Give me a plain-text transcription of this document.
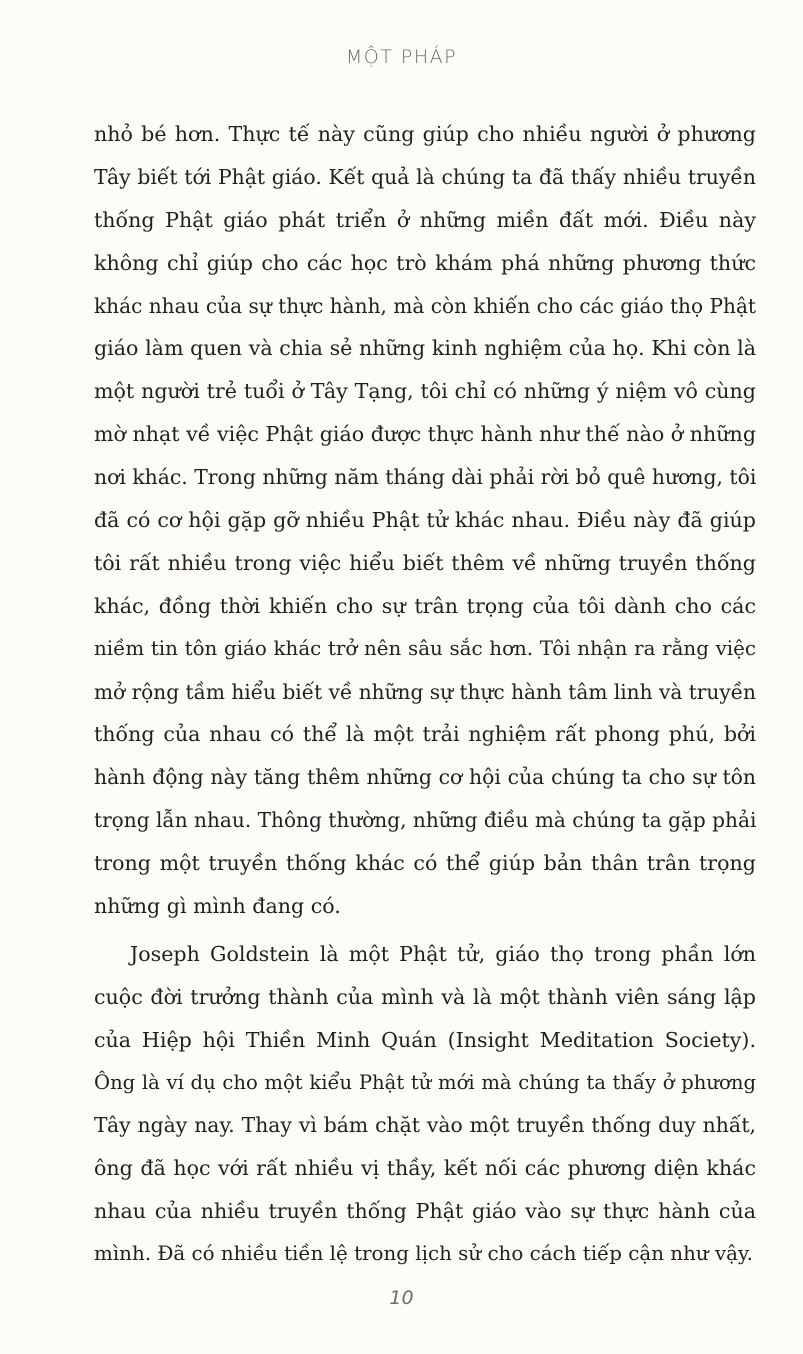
MỘT PHÁP
nhỏ bé hơn. Thực tế này cũng giúp cho nhiều người ở phương
Tây biết tới Phật giáo. Kết quả là chúng ta đã thấy nhiều truyền
thống Phật giáo phát triển ở những miền đất mới. Điều này
không chỉ giúp cho các học trò khám phá những phương thức
khác nhau của sự thực hành, mà còn khiến cho các giáo thọ Phật
giáo làm quen và chia sẻ những kinh nghiệm của họ. Khi còn là
một người trẻ tuổi ở Tây Tạng, tôi chỉ có những ý niệm vô cùng
mờ nhạt về việc Phật giáo được thực hành như thế nào ở những
nơi khác. Trong những năm tháng dài phải rời bỏ quê hương, tôi
đã có cơ hội gặp gỡ nhiều Phật tử khác nhau. Điều này đã giúp
tôi rất nhiều trong việc hiểu biết thêm về những truyền thống
khác, đồng thời khiến cho sự trân trọng của tôi dành cho các
niềm tin tôn giáo khác trở nên sâu sắc hơn. Tôi nhận ra rằng việc
mở rộng tầm hiểu biết về những sự thực hành tâm linh và truyền
thống của nhau có thể là một trải nghiệm rất phong phú, bởi
hành động này tăng thêm những cơ hội của chúng ta cho sự tôn
trọng lẫn nhau. Thông thường, những điều mà chúng ta gặp phải
trong một truyền thống khác có thể giúp bản thân trân trọng
những gì mình đang có.
Joseph Goldstein là một Phật tử, giáo thọ trong phần lớn
cuộc đời trưởng thành của mình và là một thành viên sáng lập
của Hiệp hội Thiền Minh Quán (Insight Meditation Society).
Ông là ví dụ cho một kiểu Phật tử mới mà chúng ta thấy ở phương
Tây ngày nay. Thay vì bám chặt vào một truyền thống duy nhất,
ông đã học với rất nhiều vị thầy, kết nối các phương diện khác
nhau của nhiều truyền thống Phật giáo vào sự thực hành của
mình. Đã có nhiều tiền lệ trong lịch sử cho cách tiếp cận như vậy.
10
